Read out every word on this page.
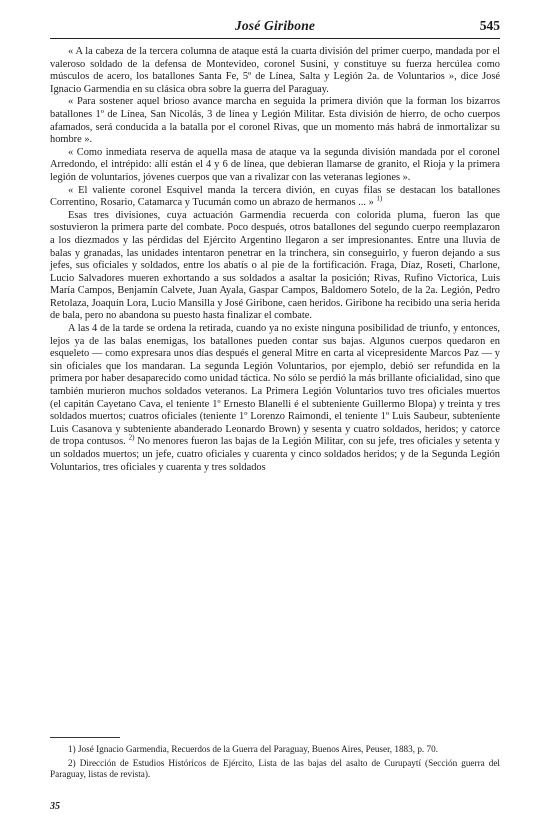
José Giribone	545

« A la cabeza de la tercera columna de ataque está la cuarta división del primer cuerpo, mandada por el valeroso soldado de la defensa de Montevideo, coronel Susini, y constituye su fuerza hercúlea como músculos de acero, los batallones Santa Fe, 5º de Línea, Salta y Legión 2a. de Voluntarios », dice José Ignacio Garmendia en su clásica obra sobre la guerra del Paraguay.

« Para sostener aquel brioso avance marcha en seguida la primera divión que la forman los bizarros batallones 1º de Línea, San Nicolás, 3 de línea y Legión Militar. Esta división de hierro, de ocho cuerpos afamados, será conducida a la batalla por el coronel Rivas, que un momento más habrá de inmortalizar su hombre ».

« Como inmediata reserva de aquella masa de ataque va la segunda división mandada por el coronel Arredondo, el intrépido: allí están el 4 y 6 de línea, que debieran llamarse de granito, el Rioja y la primera legión de voluntarios, jóvenes cuerpos que van a rivalizar con las veteranas legiones ».

« El valiente coronel Esquivel manda la tercera divión, en cuyas filas se destacan los batallones Correntino, Rosario, Catamarca y Tucumán como un abrazo de hermanos ... » $^{1)}$

Esas tres divisiones, cuya actuación Garmendia recuerda con colorida pluma, fueron las que sostuvieron la primera parte del combate. Poco después, otros batallones del segundo cuerpo reemplazaron a los diezmados y las pérdidas del Ejército Argentino llegaron a ser impresionantes. Entre una lluvia de balas y granadas, las unidades intentaron penetrar en la trinchera, sin conseguirlo, y fueron dejando a sus jefes, sus oficiales y soldados, entre los abatís o al pie de la fortificación. Fraga, Díaz, Roseti, Charlone, Lucio Salvadores mueren exhortando a sus soldados a asaltar la posición; Rivas, Rufino Victorica, Luis María Campos, Benjamín Calvete, Juan Ayala, Gaspar Campos, Baldomero Sotelo, de la 2a. Legión, Pedro Retolaza, Joaquín Lora, Lucio Mansilla y José Giribone, caen heridos. Giribone ha recibido una seria herida de bala, pero no abandona su puesto hasta finalizar el combate.

A las 4 de la tarde se ordena la retirada, cuando ya no existe ninguna posibilidad de triunfo, y entonces, lejos ya de las balas enemigas, los batallones pueden contar sus bajas. Algunos cuerpos quedaron en esqueleto — como expresara unos días después el general Mitre en carta al vicepresidente Marcos Paz — y sin oficiales que los mandaran. La segunda Legión Voluntarios, por ejemplo, debió ser refundida en la primera por haber desaparecido como unidad táctica. No sólo se perdió la más brillante oficialidad, sino que también murieron muchos soldados veteranos. La Primera Legión Voluntarios tuvo tres oficiales muertos (el capitán Cayetano Cava, el teniente 1º Ernesto Blanelli é el subteniente Guillermo Blopa) y treinta y tres soldados muertos; cuatros oficiales (teniente 1º Lorenzo Raimondi, el teniente 1º Luis Saubeur, subteniente Luis Casanova y subteniente abanderado Leonardo Brown) y sesenta y cuatro soldados, heridos; y catorce de tropa contusos. $^{2)}$ No menores fueron las bajas de la Legión Militar, con su jefe, tres oficiales y setenta y un soldados muertos; un jefe, cuatro oficiales y cuarenta y cinco soldados heridos; y de la Segunda Legión Voluntarios, tres oficiales y cuarenta y tres soldados

1) José Ignacio Garmendia, Recuerdos de la Guerra del Paraguay, Buenos Aires, Peuser, 1883, p. 70.

2) Dirección de Estudios Históricos de Ejército, Lista de las bajas del asalto de Curupaytí (Sección guerra del Paraguay, listas de revista).

35
